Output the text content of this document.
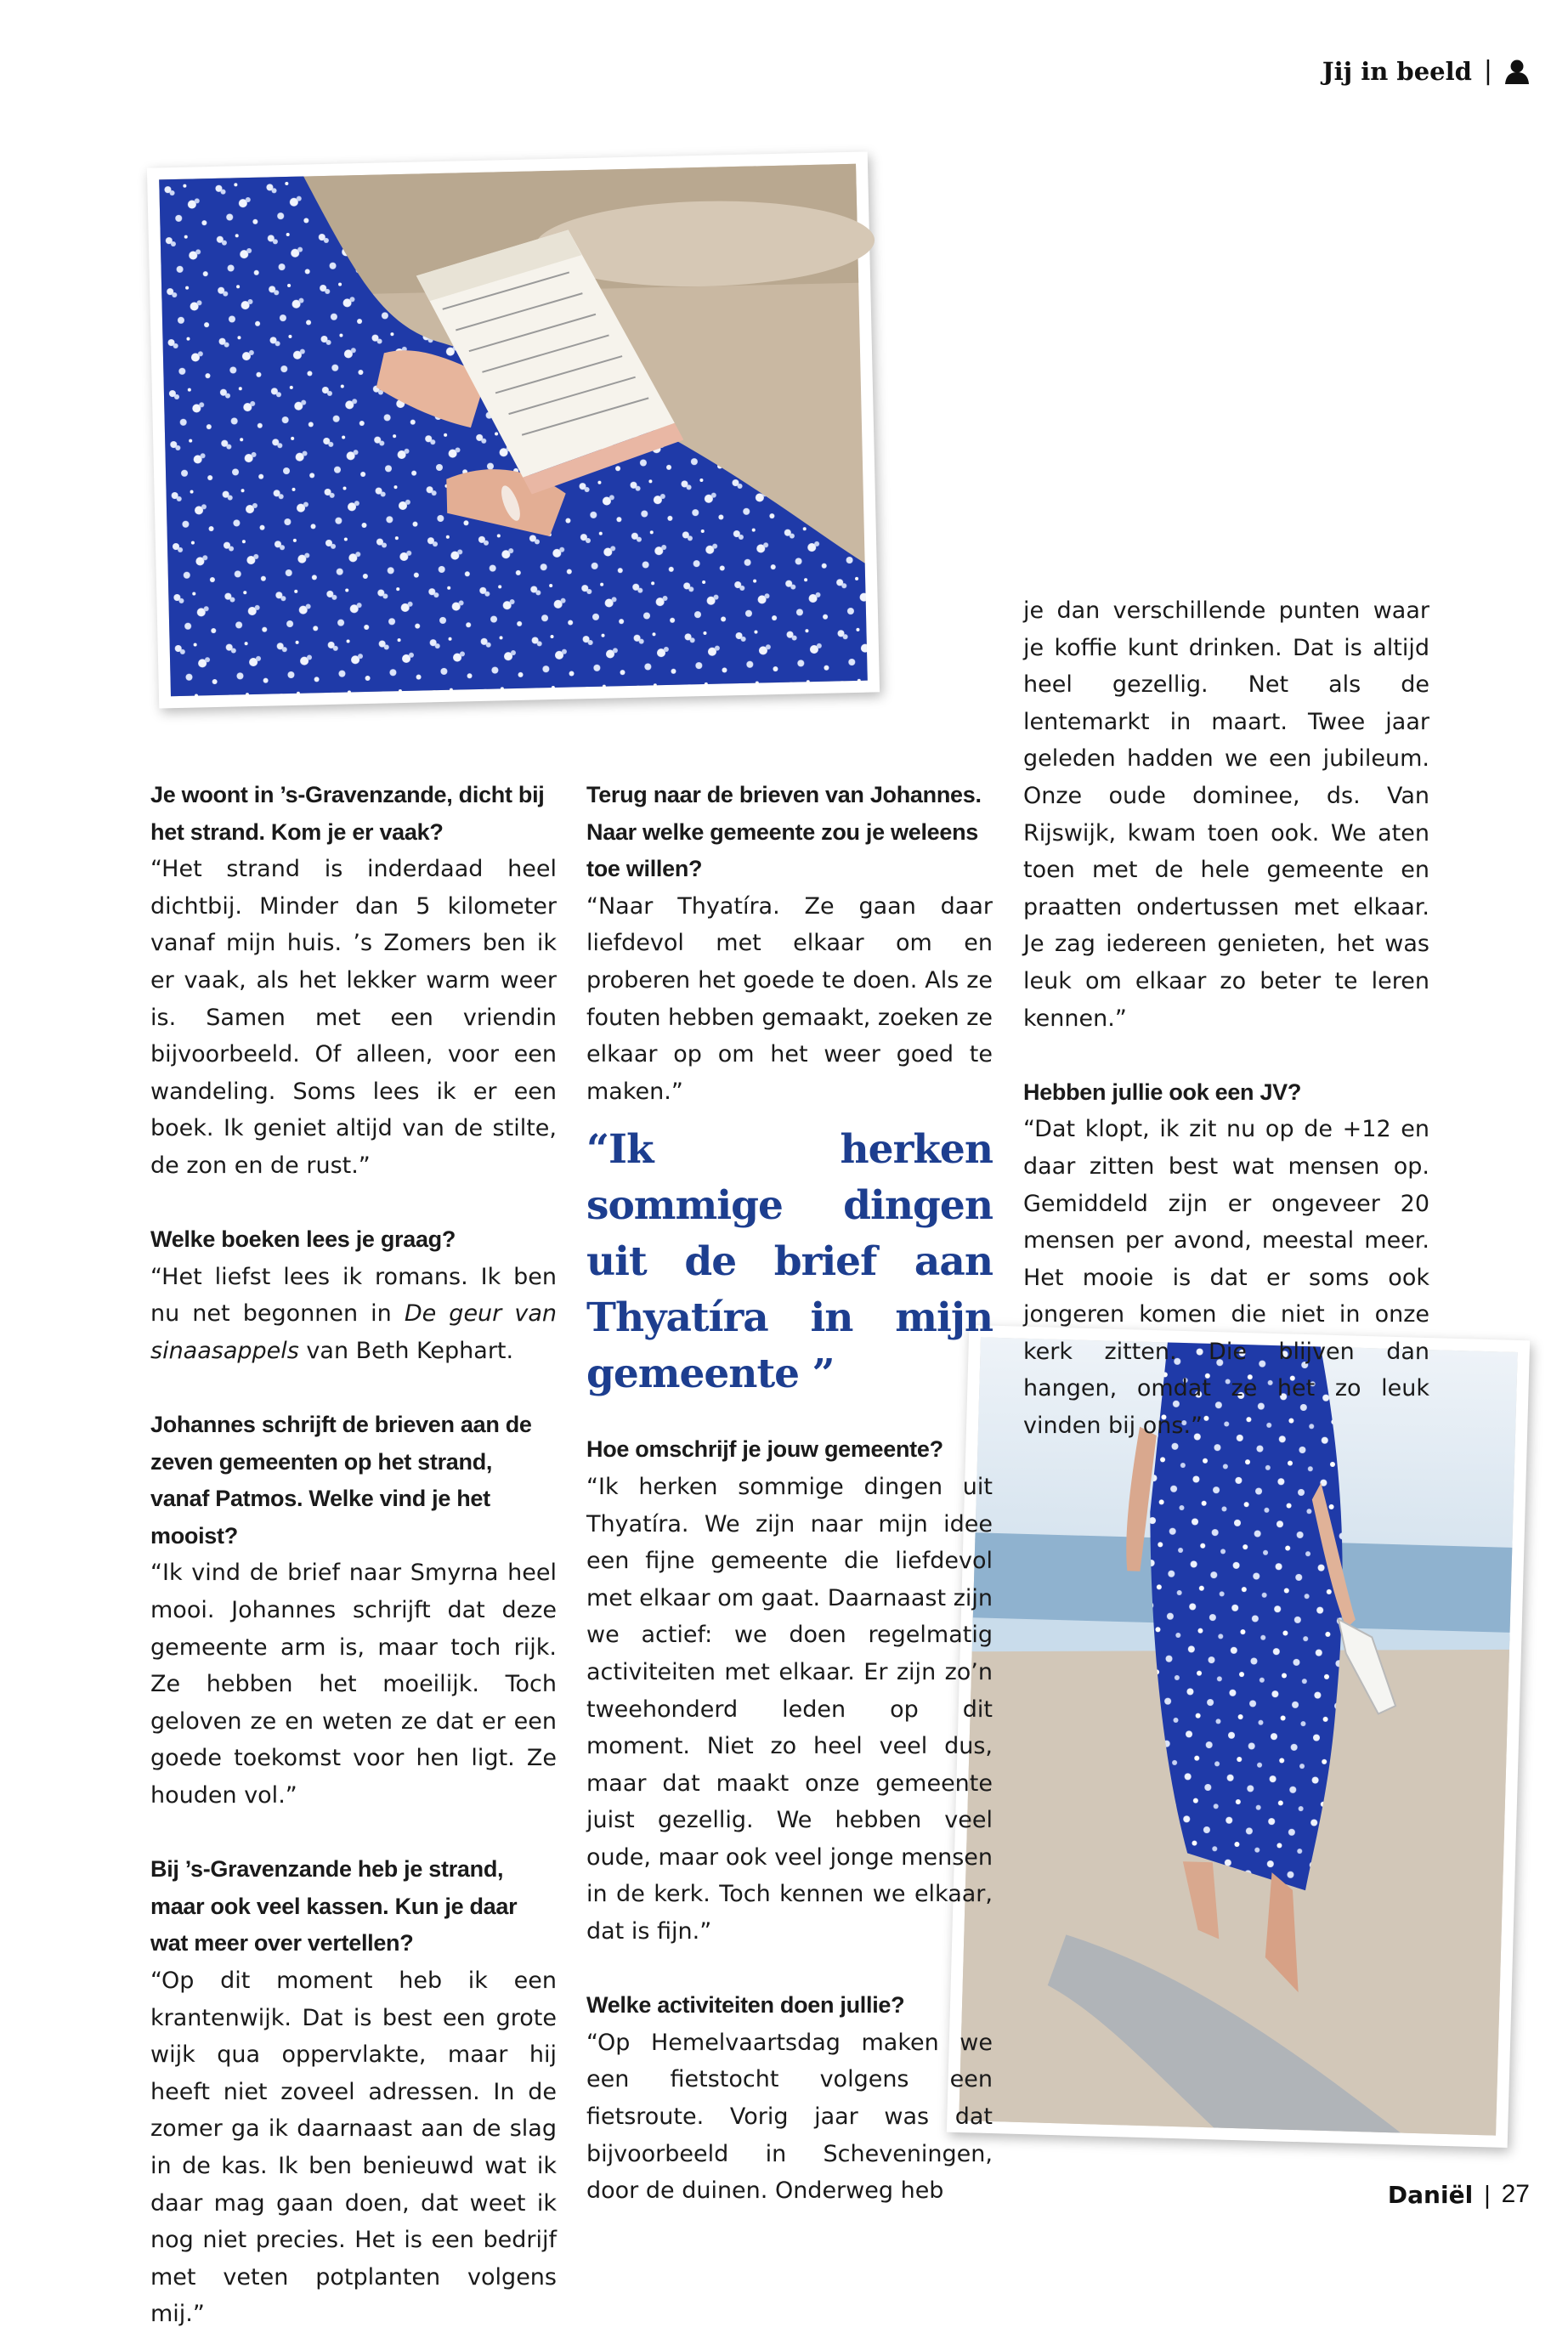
Jij in beeld |

Je woont in ’s-Gravenzande, dicht bij het strand. Kom je er vaak?

“Het strand is inderdaad heel dichtbij. Minder dan 5 kilometer vanaf mijn huis. ’s Zomers ben ik er vaak, als het lekker warm weer is. Samen met een vriendin bijvoorbeeld. Of alleen, voor een wandeling. Soms lees ik er een boek. Ik geniet altijd van de stilte, de zon en de rust.”

Welke boeken lees je graag?

“Het liefst lees ik romans. Ik ben nu net begonnen in De geur van sinaasappels van Beth Kephart.

Johannes schrijft de brieven aan de zeven gemeenten op het strand, vanaf Patmos. Welke vind je het mooist?

“Ik vind de brief naar Smyrna heel mooi. Johannes schrijft dat deze gemeente arm is, maar toch rijk. Ze hebben het moeilijk. Toch geloven ze en weten ze dat er een goede toekomst voor hen ligt. Ze houden vol.”

Bij ’s-Gravenzande heb je strand, maar ook veel kassen. Kun je daar wat meer over vertellen?

“Op dit moment heb ik een krantenwijk. Dat is best een grote wijk qua oppervlakte, maar hij heeft niet zoveel adressen. In de zomer ga ik daarnaast aan de slag in de kas. Ik ben benieuwd wat ik daar mag gaan doen, dat weet ik nog niet precies. Het is een bedrijf met veten potplanten volgens mij.”

Terug naar de brieven van Johannes. Naar welke gemeente zou je weleens toe willen?

“Naar Thyatíra. Ze gaan daar liefdevol met elkaar om en proberen het goede te doen. Als ze fouten hebben gemaakt, zoeken ze elkaar op om het weer goed te maken.”

“Ik herken sommige dingen uit de brief aan Thyatíra in mijn gemeente ”

Hoe omschrijf je jouw gemeente?

“Ik herken sommige dingen uit Thyatíra. We zijn naar mijn idee een fijne gemeente die liefdevol met elkaar om gaat. Daarnaast zijn we actief: we doen regelmatig activiteiten met elkaar. Er zijn zo’n tweehonderd leden op dit moment. Niet zo heel veel dus, maar dat maakt onze gemeente juist gezellig. We hebben veel oude, maar ook veel jonge mensen in de kerk. Toch kennen we elkaar, dat is fijn.”

Welke activiteiten doen jullie?

“Op Hemelvaartsdag maken we een fietstocht volgens een fietsroute. Vorig jaar was dat bijvoorbeeld in Scheveningen, door de duinen. Onderweg heb

je dan verschillende punten waar je koffie kunt drinken. Dat is altijd heel gezellig. Net als de lentemarkt in maart. Twee jaar geleden hadden we een jubileum. Onze oude dominee, ds. Van Rijswijk, kwam toen ook. We aten toen met de hele gemeente en praatten ondertussen met elkaar. Je zag iedereen genieten, het was leuk om elkaar zo beter te leren kennen.”

Hebben jullie ook een JV?

“Dat klopt, ik zit nu op de +12 en daar zitten best wat mensen op. Gemiddeld zijn er ongeveer 20 mensen per avond, meestal meer. Het mooie is dat er soms ook jongeren komen die niet in onze kerk zitten. Die blijven dan hangen, omdat ze het zo leuk vinden bij ons.”

Daniël | 27
